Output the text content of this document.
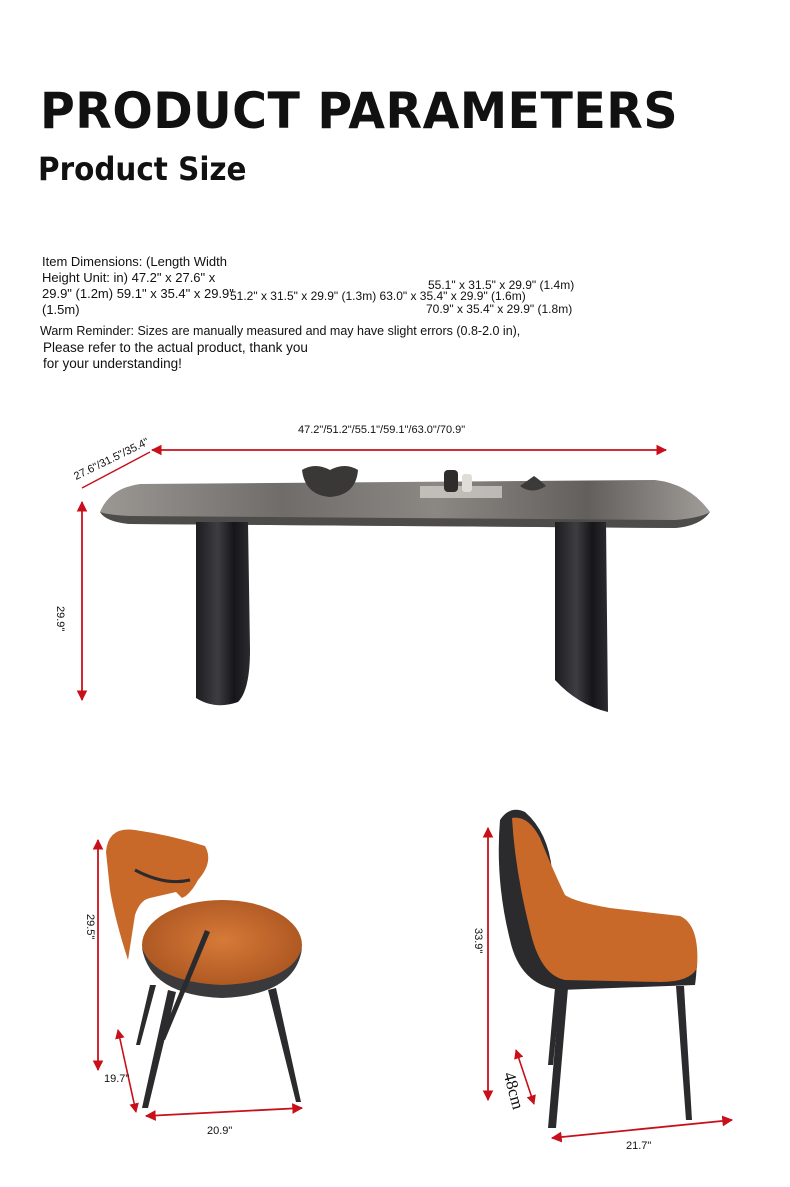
PRODUCT PARAMETERS
Product Size
Item Dimensions: (Length Width
Height Unit: in) 47.2" x 27.6" x
29.9" (1.2m) 59.1" x 35.4" x 29.9"
(1.5m)
51.2" x 31.5" x 29.9" (1.3m) 63.0" x 35.4" x 29.9" (1.6m)
55.1" x 31.5" x 29.9" (1.4m)
70.9" x 35.4" x 29.9" (1.8m)
Warm Reminder: Sizes are manually measured and may have slight errors (0.8-2.0 in),
Please refer to the actual product, thank you
for your understanding!
47.2"/51.2"/55.1"/59.1"/63.0"/70.9"
27.6"/31.5"/35.4"
29.9"
29.5"
19.7"
20.9"
33.9"
48cm
21.7"
